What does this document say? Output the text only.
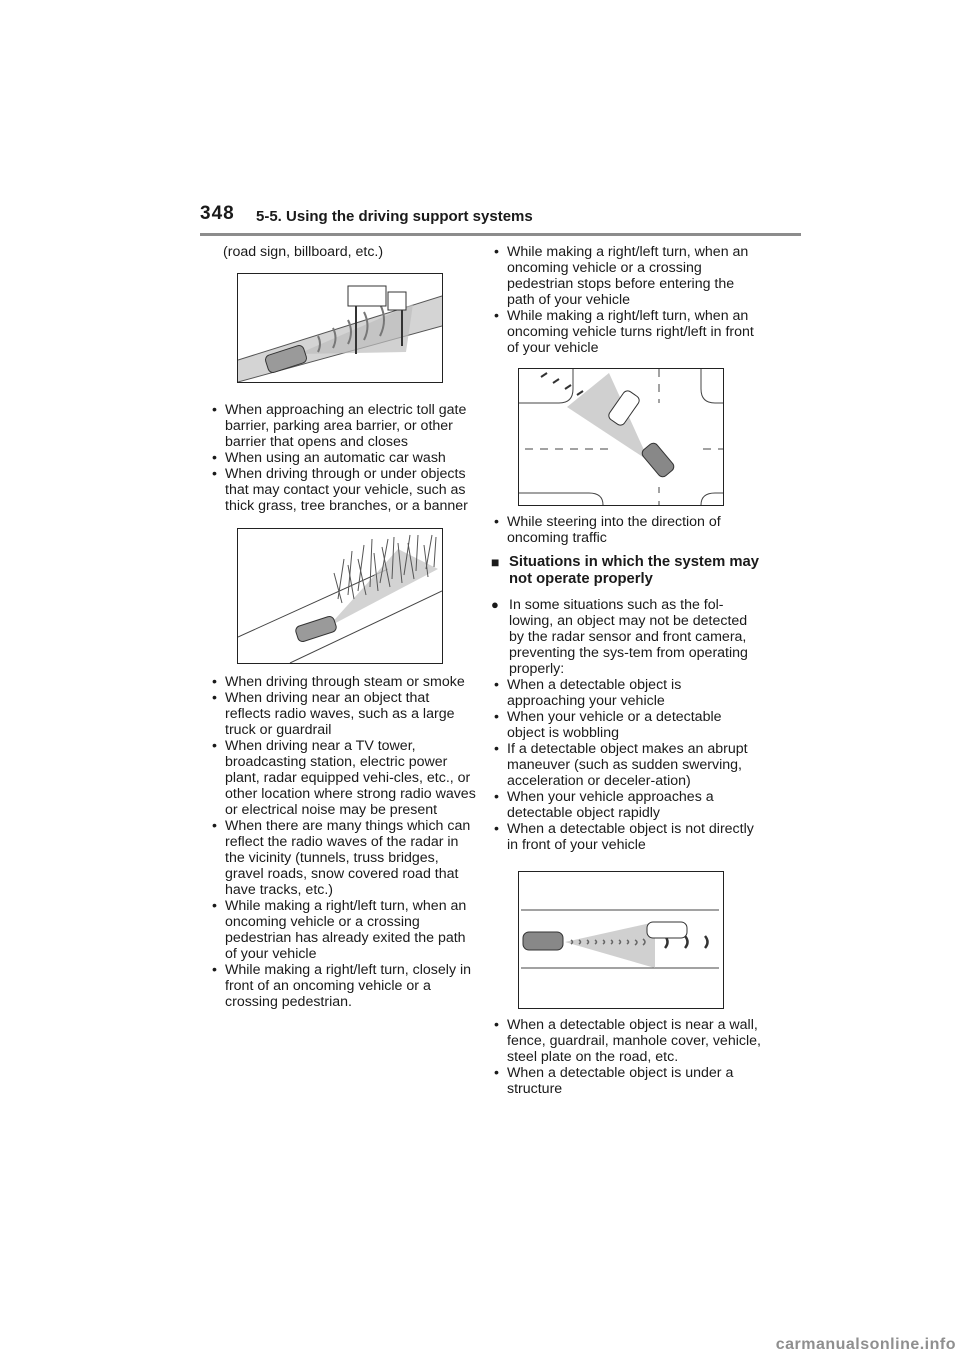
348 5-5. Using the driving support systems
(road sign, billboard, etc.)
• When approaching an electric toll gate barrier, parking area barrier, or other barrier that opens and closes
• When using an automatic car wash
• When driving through or under objects that may contact your vehicle, such as thick grass, tree branches, or a banner
• When driving through steam or smoke
• When driving near an object that reflects radio waves, such as a large truck or guardrail
• When driving near a TV tower, broadcasting station, electric power plant, radar equipped vehi-cles, etc., or other location where strong radio waves or electrical noise may be present
• When there are many things which can reflect the radio waves of the radar in the vicinity (tunnels, truss bridges, gravel roads, snow covered road that have tracks, etc.)
• While making a right/left turn, when an oncoming vehicle or a crossing pedestrian has already exited the path of your vehicle
• While making a right/left turn, closely in front of an oncoming vehicle or a crossing pedestrian.
• While making a right/left turn, when an oncoming vehicle or a crossing pedestrian stops before entering the path of your vehicle
• While making a right/left turn, when an oncoming vehicle turns right/left in front of your vehicle
• While steering into the direction of oncoming traffic
■ Situations in which the system may not operate properly
● In some situations such as the fol-lowing, an object may not be detected by the radar sensor and front camera, preventing the sys-tem from operating properly:
• When a detectable object is approaching your vehicle
• When your vehicle or a detectable object is wobbling
• If a detectable object makes an abrupt maneuver (such as sudden swerving, acceleration or deceler-ation)
• When your vehicle approaches a detectable object rapidly
• When a detectable object is not directly in front of your vehicle
• When a detectable object is near a wall, fence, guardrail, manhole cover, vehicle, steel plate on the road, etc.
• When a detectable object is under a structure
carmanualsonline.info
